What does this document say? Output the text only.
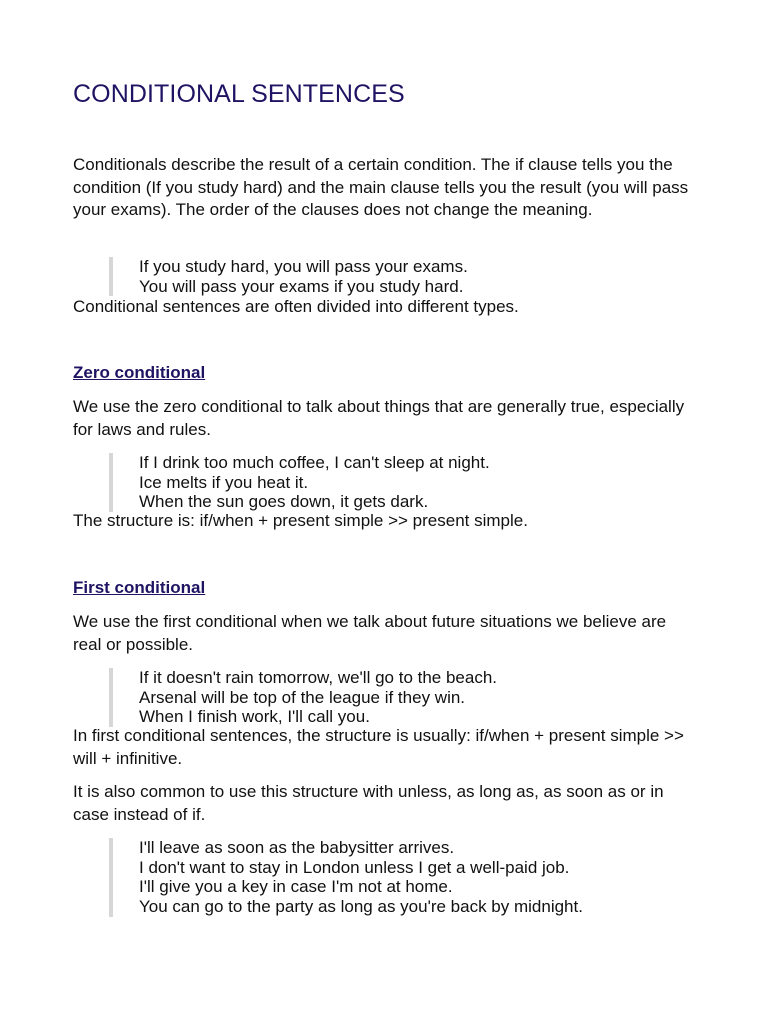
CONDITIONAL SENTENCES

Conditionals describe the result of a certain condition. The if clause tells you the condition (If you study hard) and the main clause tells you the result (you will pass your exams). The order of the clauses does not change the meaning.

If you study hard, you will pass your exams.
You will pass your exams if you study hard.

Conditional sentences are often divided into different types.

Zero conditional

We use the zero conditional to talk about things that are generally true, especially for laws and rules.

If I drink too much coffee, I can't sleep at night.
Ice melts if you heat it.
When the sun goes down, it gets dark.

The structure is: if/when + present simple >> present simple.

First conditional

We use the first conditional when we talk about future situations we believe are real or possible.

If it doesn't rain tomorrow, we'll go to the beach.
Arsenal will be top of the league if they win.
When I finish work, I'll call you.

In first conditional sentences, the structure is usually: if/when + present simple >> will + infinitive.

It is also common to use this structure with unless, as long as, as soon as or in case instead of if.

I'll leave as soon as the babysitter arrives.
I don't want to stay in London unless I get a well-paid job.
I'll give you a key in case I'm not at home.
You can go to the party as long as you're back by midnight.
